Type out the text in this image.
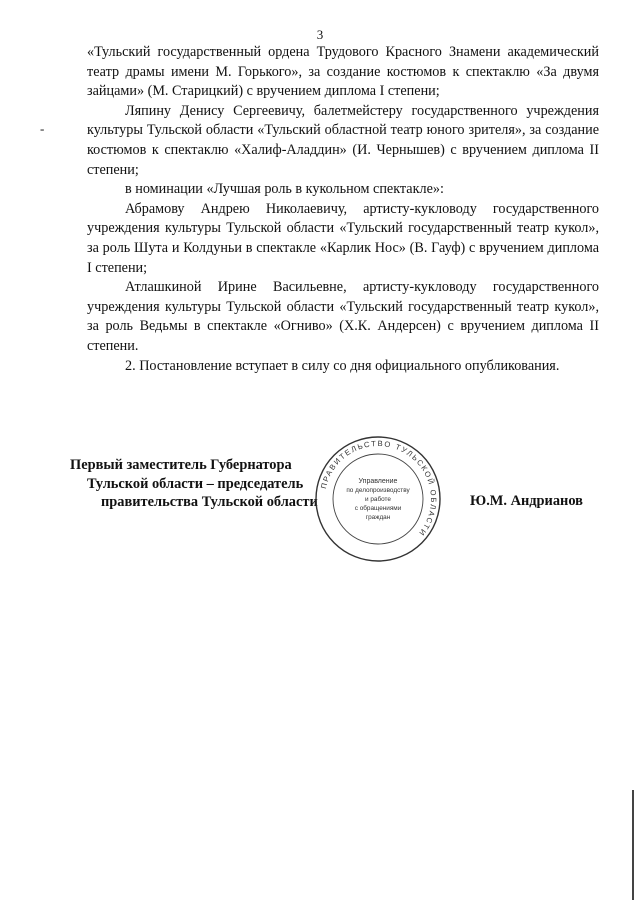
3
-

«Тульский государственный ордена Трудового Красного Знамени академический театр драмы имени М. Горького», за создание костюмов к спектаклю «За двумя зайцами» (М. Старицкий) с вручением диплома I степени;

Ляпину Денису Сергеевичу, балетмейстеру государственного учреждения культуры Тульской области «Тульский областной театр юного зрителя», за создание костюмов к спектаклю «Халиф-Аладдин» (И. Чернышев) с вручением диплома II степени;

в номинации «Лучшая роль в кукольном спектакле»:

Абрамову Андрею Николаевичу, артисту-кукловоду государственного учреждения культуры Тульской области «Тульский государственный театр кукол», за роль Шута и Колдуньи в спектакле «Карлик Нос» (В. Гауф) с вручением диплома I степени;

Атлашкиной Ирине Васильевне, артисту-кукловоду государственного учреждения культуры Тульской области «Тульский государственный театр кукол», за роль Ведьмы в спектакле «Огниво» (Х.К. Андерсен) с вручением диплома II степени.

2. Постановление вступает в силу со дня официального опубликования.

Первый заместитель Губернатора
Тульской области – председатель
правительства Тульской области
ПРАВИТЕЛЬСТВО ТУЛЬСКОЙ ОБЛАСТИ
Управление
по делопроизводству
и работе
с обращениями
граждан
Ю.М. Андрианов
